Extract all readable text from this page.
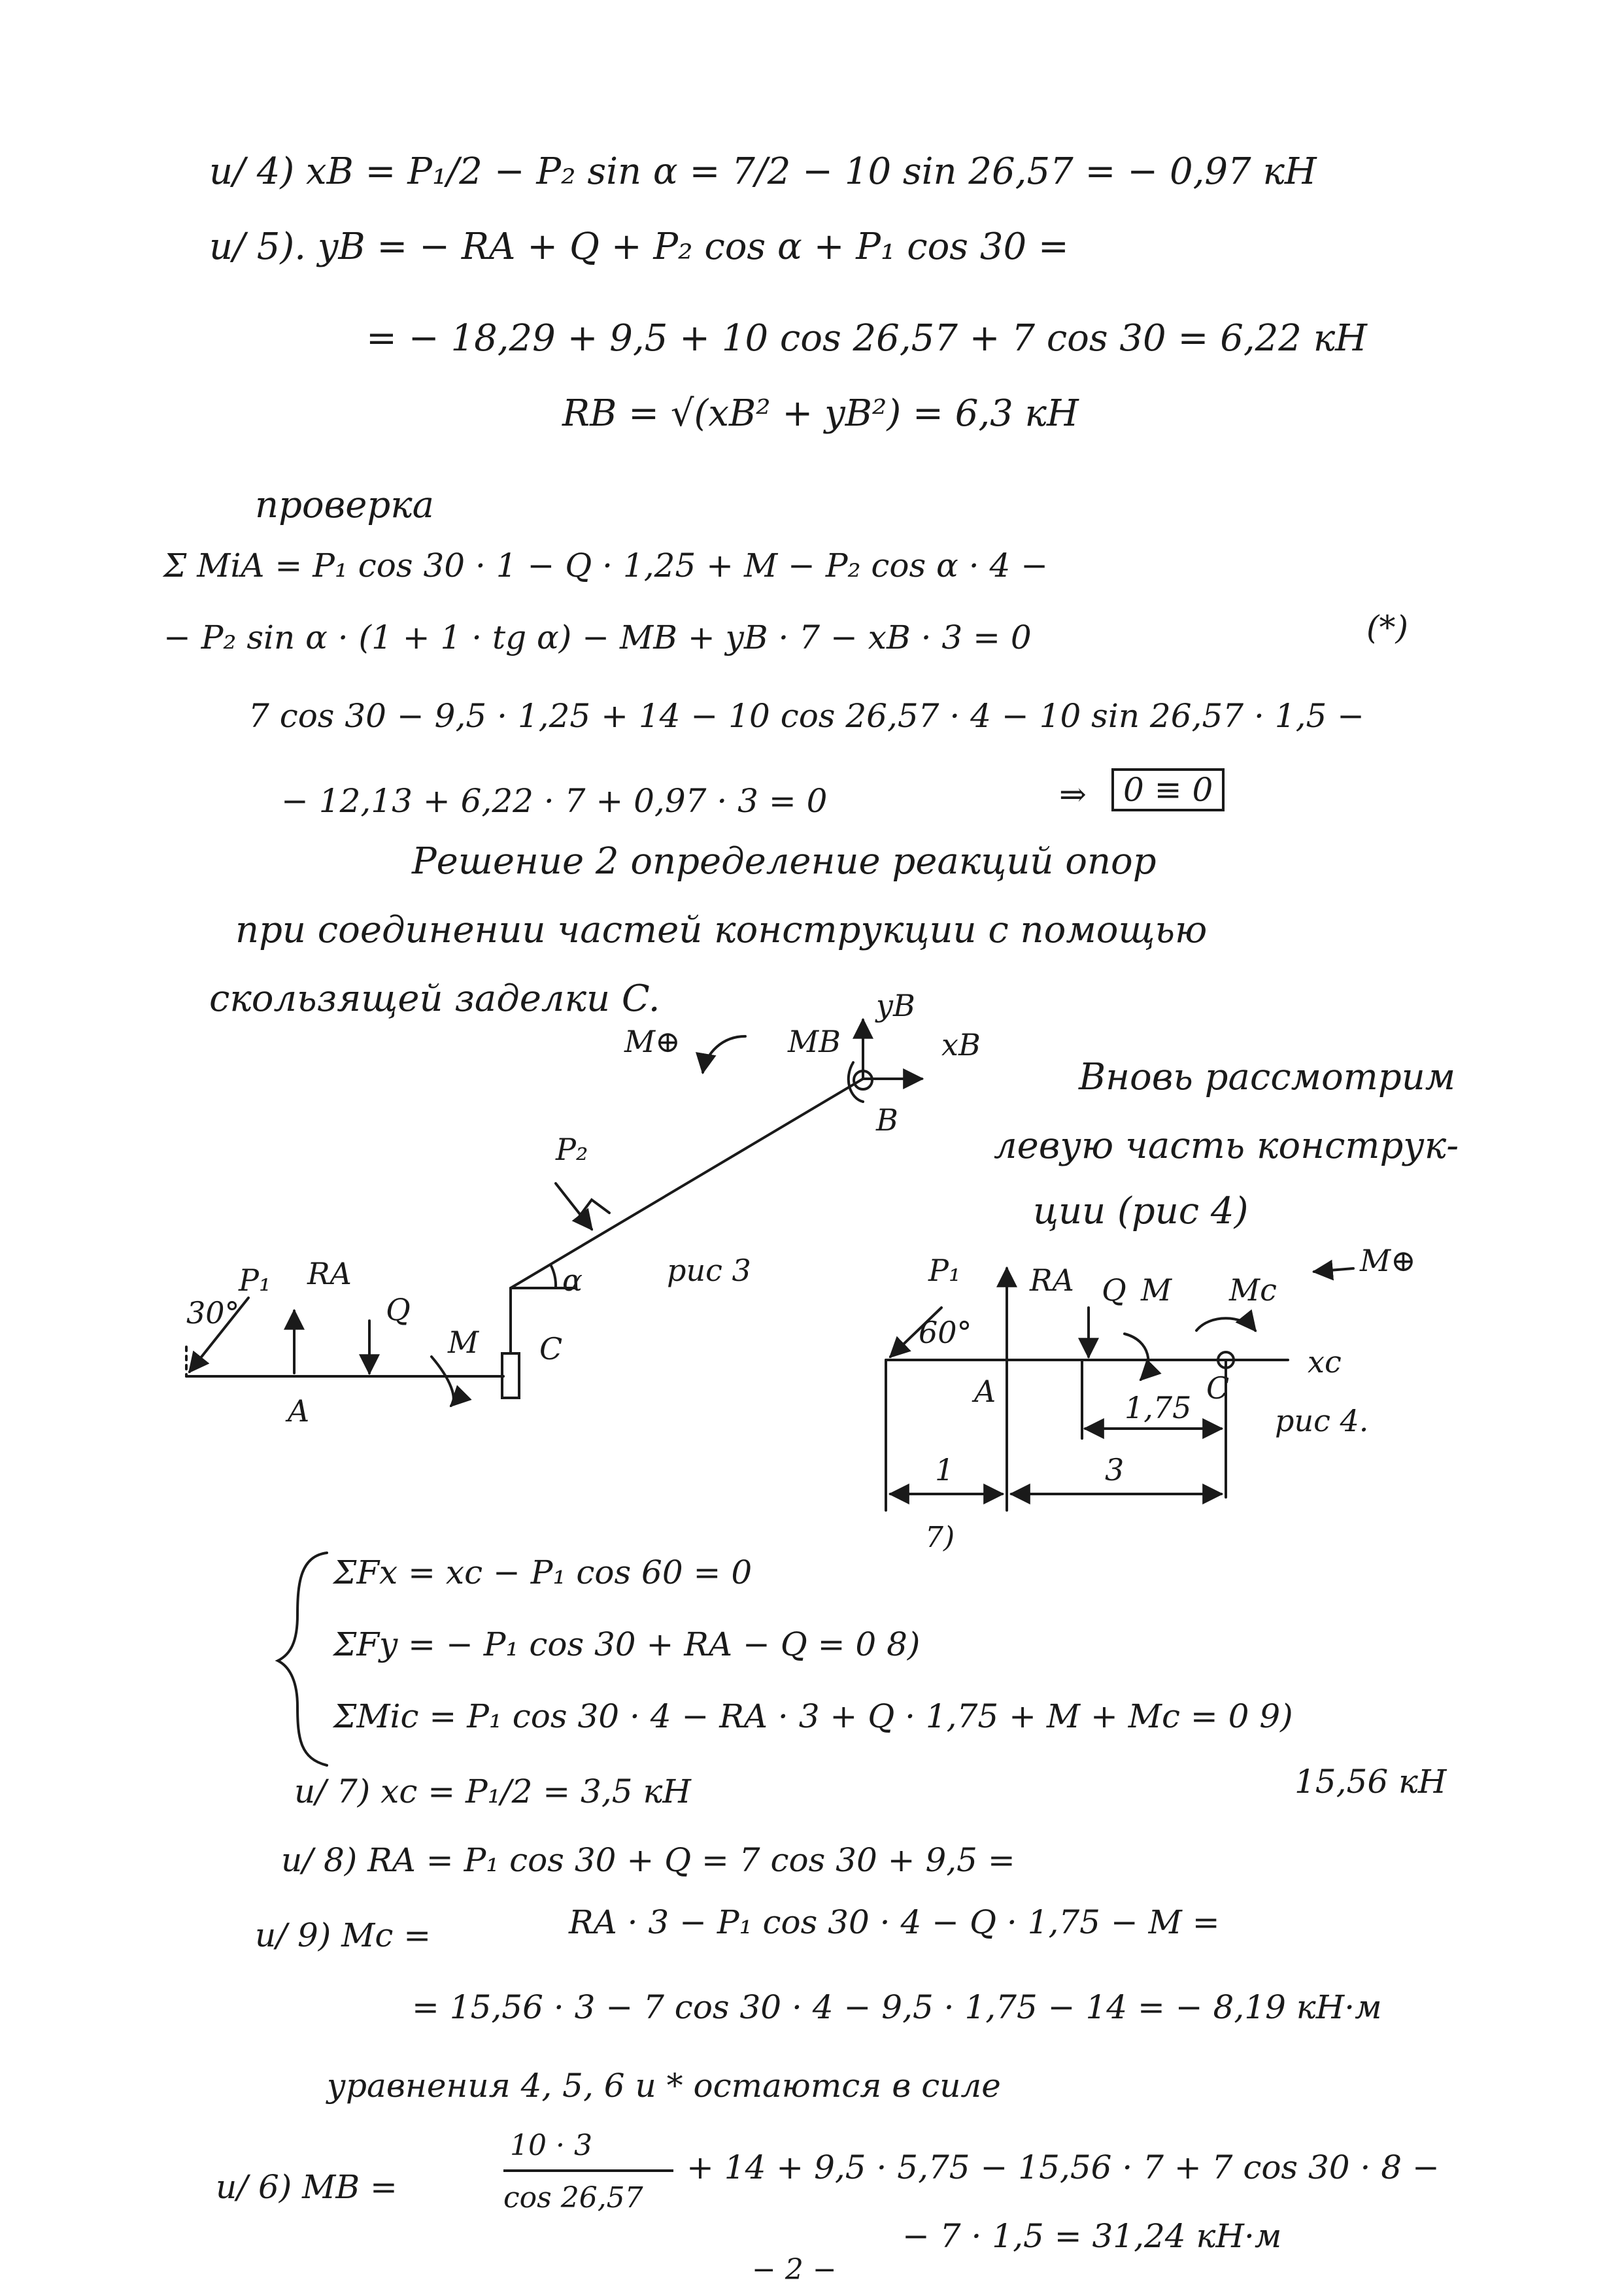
и/ 4) xB = P₁/2 − P₂ sin α = 7/2 − 10 sin 26,57 = − 0,97 кН
и/ 5). yB = − RA + Q + P₂ cos α + P₁ cos 30 =
= − 18,29 + 9,5 + 10 cos 26,57 + 7 cos 30 = 6,22 кН
RB = √(xB² + yB²) = 6,3 кН
проверка
Σ MiA = P₁ cos 30 · 1 − Q · 1,25 + M − P₂ cos α · 4 −
− P₂ sin α · (1 + 1 · tg α) − MB + yB · 7 − xB · 3 = 0	(*)
7 cos 30 − 9,5 · 1,25 + 14 − 10 cos 26,57 · 4 − 10 sin 26,57 · 1,5 −
− 12,13 + 6,22 · 7 + 0,97 · 3 = 0	⇒	0 ≡ 0
Решение 2 определение реакций опор
при соединении частей конструкции с помощью
скользящей заделки C.
Вновь рассмотрим
левую часть конструк-
ции (рис 4)
30°
P₁ RA
Q
M
A
C
α
P₂
B
MB
yB
xB
M⊕
рис 3	P₁
60°
RA Q M Mc
M⊕
xc
A	C
1,75
1	3
рис 4.
ΣFx = xc − P₁ cos 60 = 0
7)
ΣFy = − P₁ cos 30 + RA − Q = 0 8)
ΣMic = P₁ cos 30 · 4 − RA · 3 + Q · 1,75 + M + Mc = 0 9)
и/ 7) xc = P₁/2 = 3,5 кН	15,56 кН
и/ 8) RA = P₁ cos 30 + Q = 7 cos 30 + 9,5 =
и/ 9) Mc =	RA · 3 − P₁ cos 30 · 4 − Q · 1,75 − M =
= 15,56 · 3 − 7 cos 30 · 4 − 9,5 · 1,75 − 14 = − 8,19 кН·м
уравнения 4, 5, 6 и * остаются в силе
и/ 6) MB =
10 · 3
cos 26,57
+ 14 + 9,5 · 5,75 − 15,56 · 7 + 7 cos 30 · 8 −
− 7 · 1,5 = 31,24 кН·м
− 2 −
